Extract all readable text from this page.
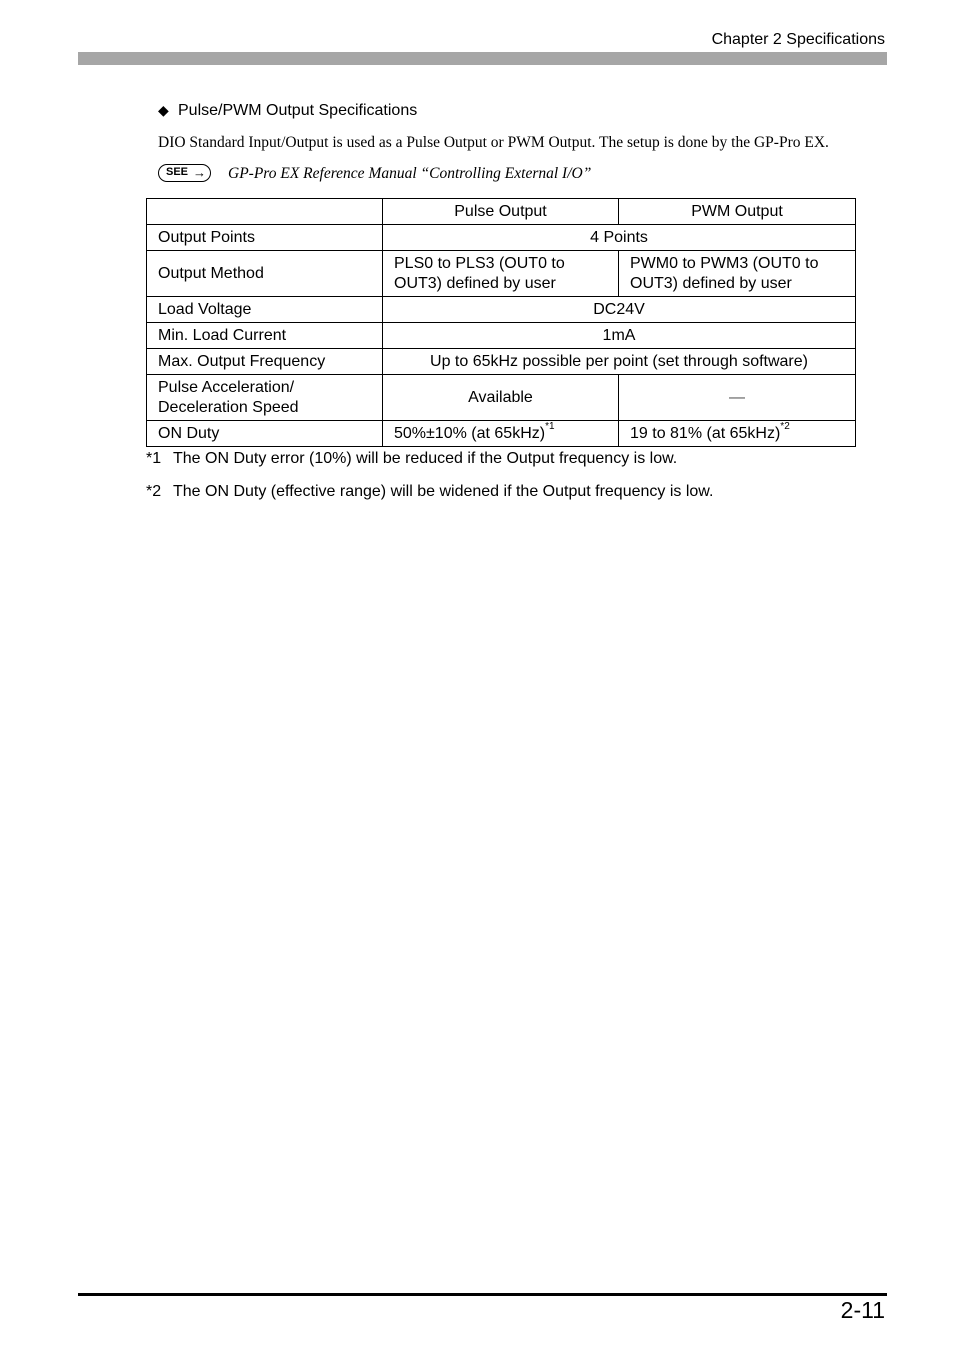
Chapter 2 Specifications
◆ Pulse/PWM Output Specifications
DIO Standard Input/Output is used as a Pulse Output or PWM Output. The setup is done by the GP-Pro EX.
SEE → GP-Pro EX Reference Manual “Controlling External I/O”
	Pulse Output	PWM Output
Output Points	4 Points	
Output Method	PLS0 to PLS3 (OUT0 to OUT3) defined by user	PWM0 to PWM3 (OUT0 to OUT3) defined by user
Load Voltage	DC24V	
Min. Load Current	1mA	
Max. Output Frequency	Up to 65kHz possible per point (set through software)	
Pulse Acceleration/ Deceleration Speed	Available	—
ON Duty	50%±10% (at 65kHz)$^{*1}$	19 to 81% (at 65kHz)$^{*2}$
*1 The ON Duty error (10%) will be reduced if the Output frequency is low.
*2 The ON Duty (effective range) will be widened if the Output frequency is low.
2-11
